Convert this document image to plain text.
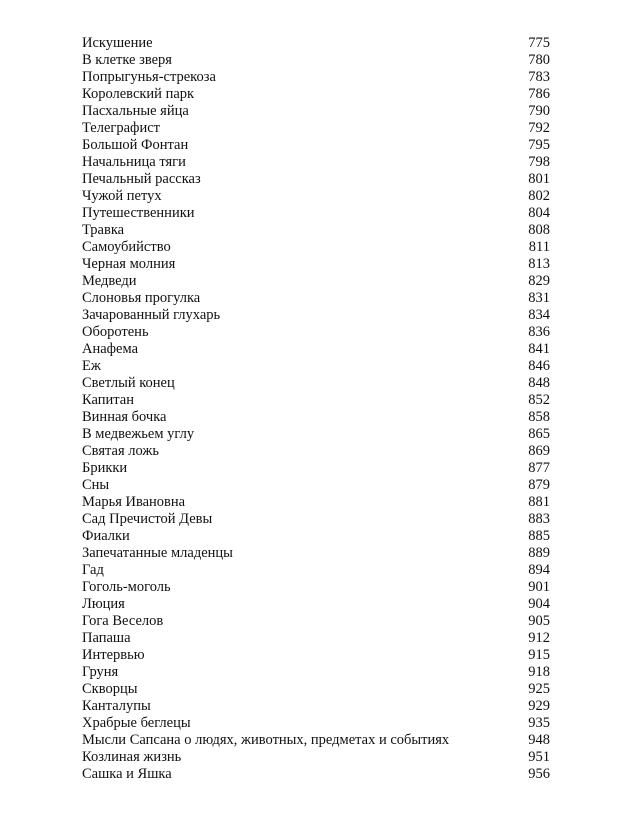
Искушение	775
В клетке зверя	780
Попрыгунья-стрекоза	783
Королевский парк	786
Пасхальные яйца	790
Телеграфист	792
Большой Фонтан	795
Начальница тяги	798
Печальный рассказ	801
Чужой петух	802
Путешественники	804
Травка	808
Самоубийство	811
Черная молния	813
Медведи	829
Слоновья прогулка	831
Зачарованный глухарь	834
Оборотень	836
Анафема	841
Еж	846
Светлый конец	848
Капитан	852
Винная бочка	858
В медвежьем углу	865
Святая ложь	869
Брикки	877
Сны	879
Марья Ивановна	881
Сад Пречистой Девы	883
Фиалки	885
Запечатанные младенцы	889
Гад	894
Гоголь-моголь	901
Люция	904
Гога Веселов	905
Папаша	912
Интервью	915
Груня	918
Скворцы	925
Канталупы	929
Храбрые беглецы	935
Мысли Сапсана о людях, животных, предметах и событиях	948
Козлиная жизнь	951
Сашка и Яшка	956
